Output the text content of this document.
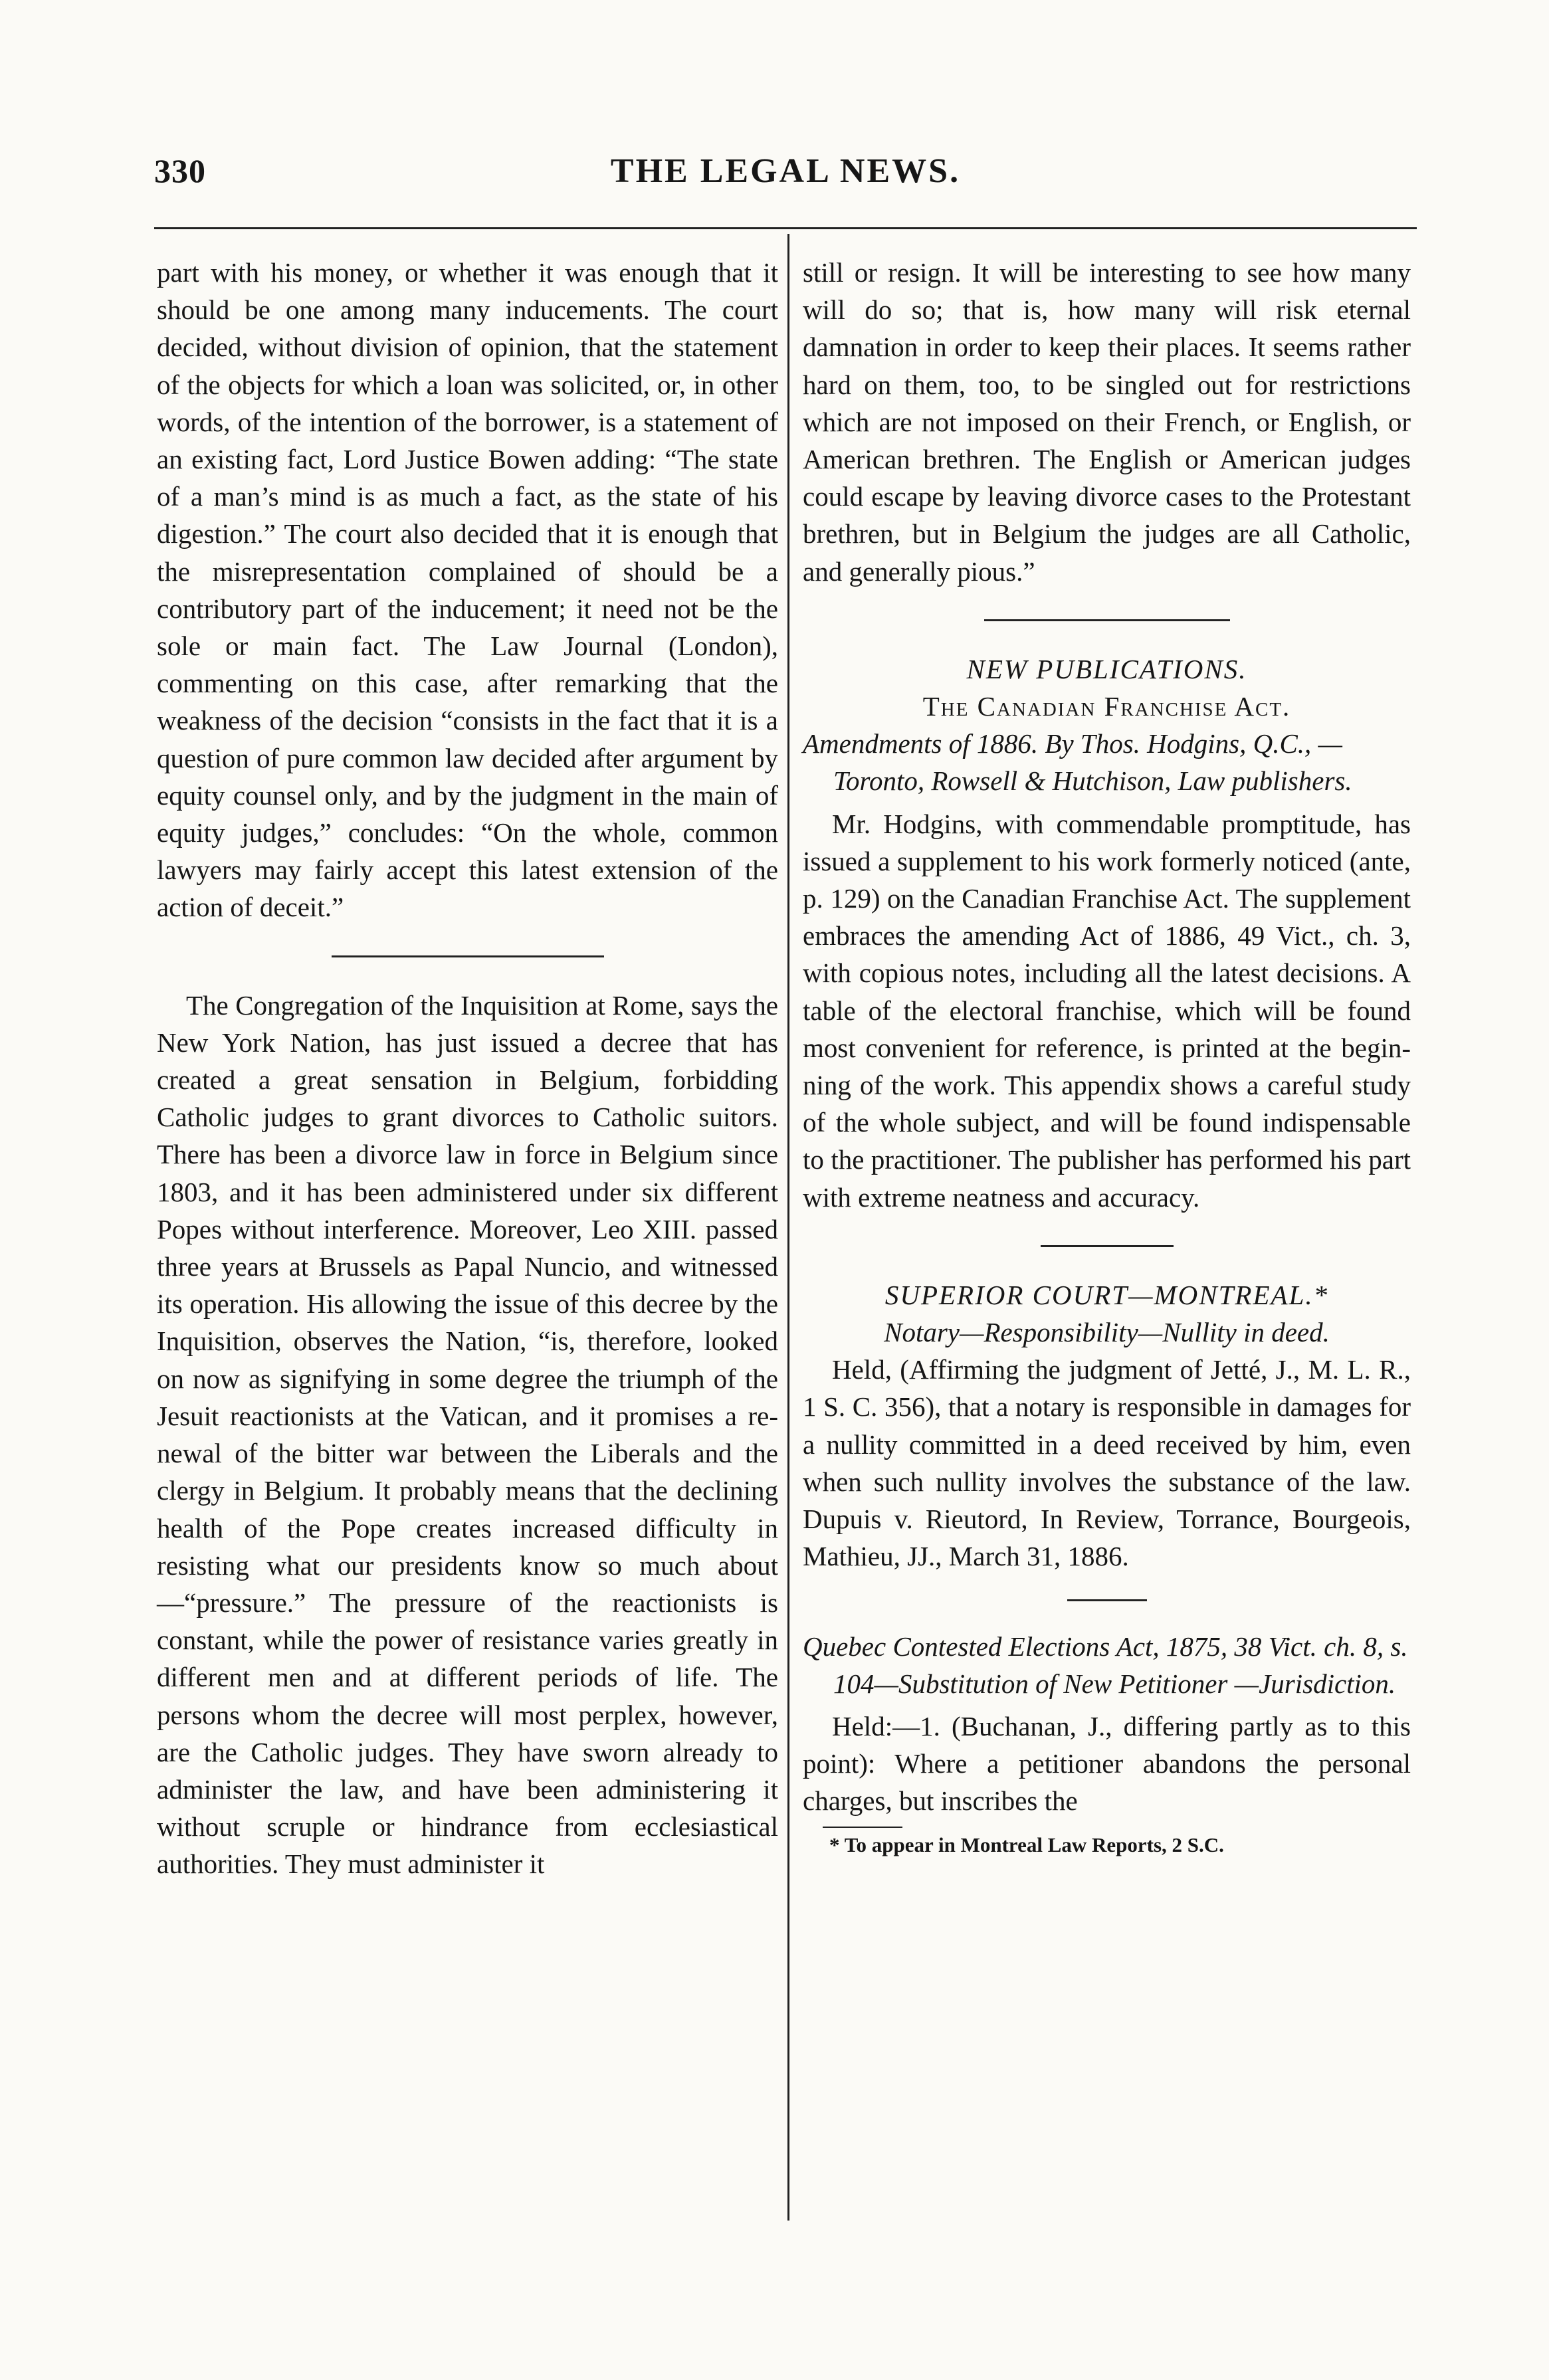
330	THE LEGAL NEWS.

part with his money, or whether it was enough that it should be one among many inducements. The court decided, without division of opinion, that the statement of the objects for which a loan was solicited, or, in other words, of the intention of the borrower, is a statement of an existing fact, Lord Justice Bowen adding: “The state of a man’s mind is as much a fact, as the state of his digestion.” The court also decided that it is enough that the misrepresentation complained of should be a contributory part of the inducement; it need not be the sole or main fact. The Law Journal (London), commenting on this case, after remarking that the weakness of the decision “consists in the fact that it is a question of pure common law decided after argument by equity counsel only, and by the judgment in the main of equity judges,” concludes: “On the whole, common lawyers may fairly accept this latest extension of the action of deceit.”

The Congregation of the Inquisition at Rome, says the New York Nation, has just issued a decree that has created a great sensation in Belgium, forbidding Catholic judges to grant divorces to Catholic suitors. There has been a divorce law in force in Belgium since 1803, and it has been administered under six different Popes without interference. Moreover, Leo XIII. passed three years at Brussels as Papal Nuncio, and witnessed its operation. His allowing the issue of this decree by the Inquisition, observes the Nation, “is, therefore, looked on now as signifying in some degree the triumph of the Jesuit reactionists at the Vatican, and it promises a renewal of the bitter war between the Liberals and the clergy in Belgium. It probably means that the declining health of the Pope creates increased difficulty in resisting what our presidents know so much about—“pressure.” The pressure of the reactionists is constant, while the power of resistance varies greatly in different men and at different periods of life. The persons whom the decree will most perplex, however, are the Catholic judges. They have sworn already to administer the law, and have been administering it without scruple or hindrance from ecclesiastical authorities. They must administer it

still or resign. It will be interesting to see how many will do so; that is, how many will risk eternal damnation in order to keep their places. It seems rather hard on them, too, to be singled out for restrictions which are not imposed on their French, or English, or American brethren. The English or American judges could escape by leaving divorce cases to the Protestant brethren, but in Belgium the judges are all Catholic, and generally pious.”

NEW PUBLICATIONS.

The Canadian Franchise Act.

Amendments of 1886. By Thos. Hodgins, Q.C., —Toronto, Rowsell & Hutchison, Law publishers.

Mr. Hodgins, with commendable promptitude, has issued a supplement to his work formerly noticed (ante, p. 129) on the Canadian Franchise Act. The supplement embraces the amending Act of 1886, 49 Vict., ch. 3, with copious notes, including all the latest decisions. A table of the electoral franchise, which will be found most convenient for reference, is printed at the beginning of the work. This appendix shows a careful study of the whole subject, and will be found indispensable to the practitioner. The publisher has performed his part with extreme neatness and accuracy.

SUPERIOR COURT—MONTREAL.*

Notary—Responsibility—Nullity in deed.

Held, (Affirming the judgment of Jetté, J., M. L. R., 1 S. C. 356), that a notary is responsible in damages for a nullity committed in a deed received by him, even when such nullity involves the substance of the law. Dupuis v. Rieutord, In Review, Torrance, Bourgeois, Mathieu, JJ., March 31, 1886.

Quebec Contested Elections Act, 1875, 38 Vict. ch. 8, s. 104—Substitution of New Petitioner —Jurisdiction.

Held:—1. (Buchanan, J., differing partly as to this point): Where a petitioner abandons the personal charges, but inscribes the

* To appear in Montreal Law Reports, 2 S.C.
